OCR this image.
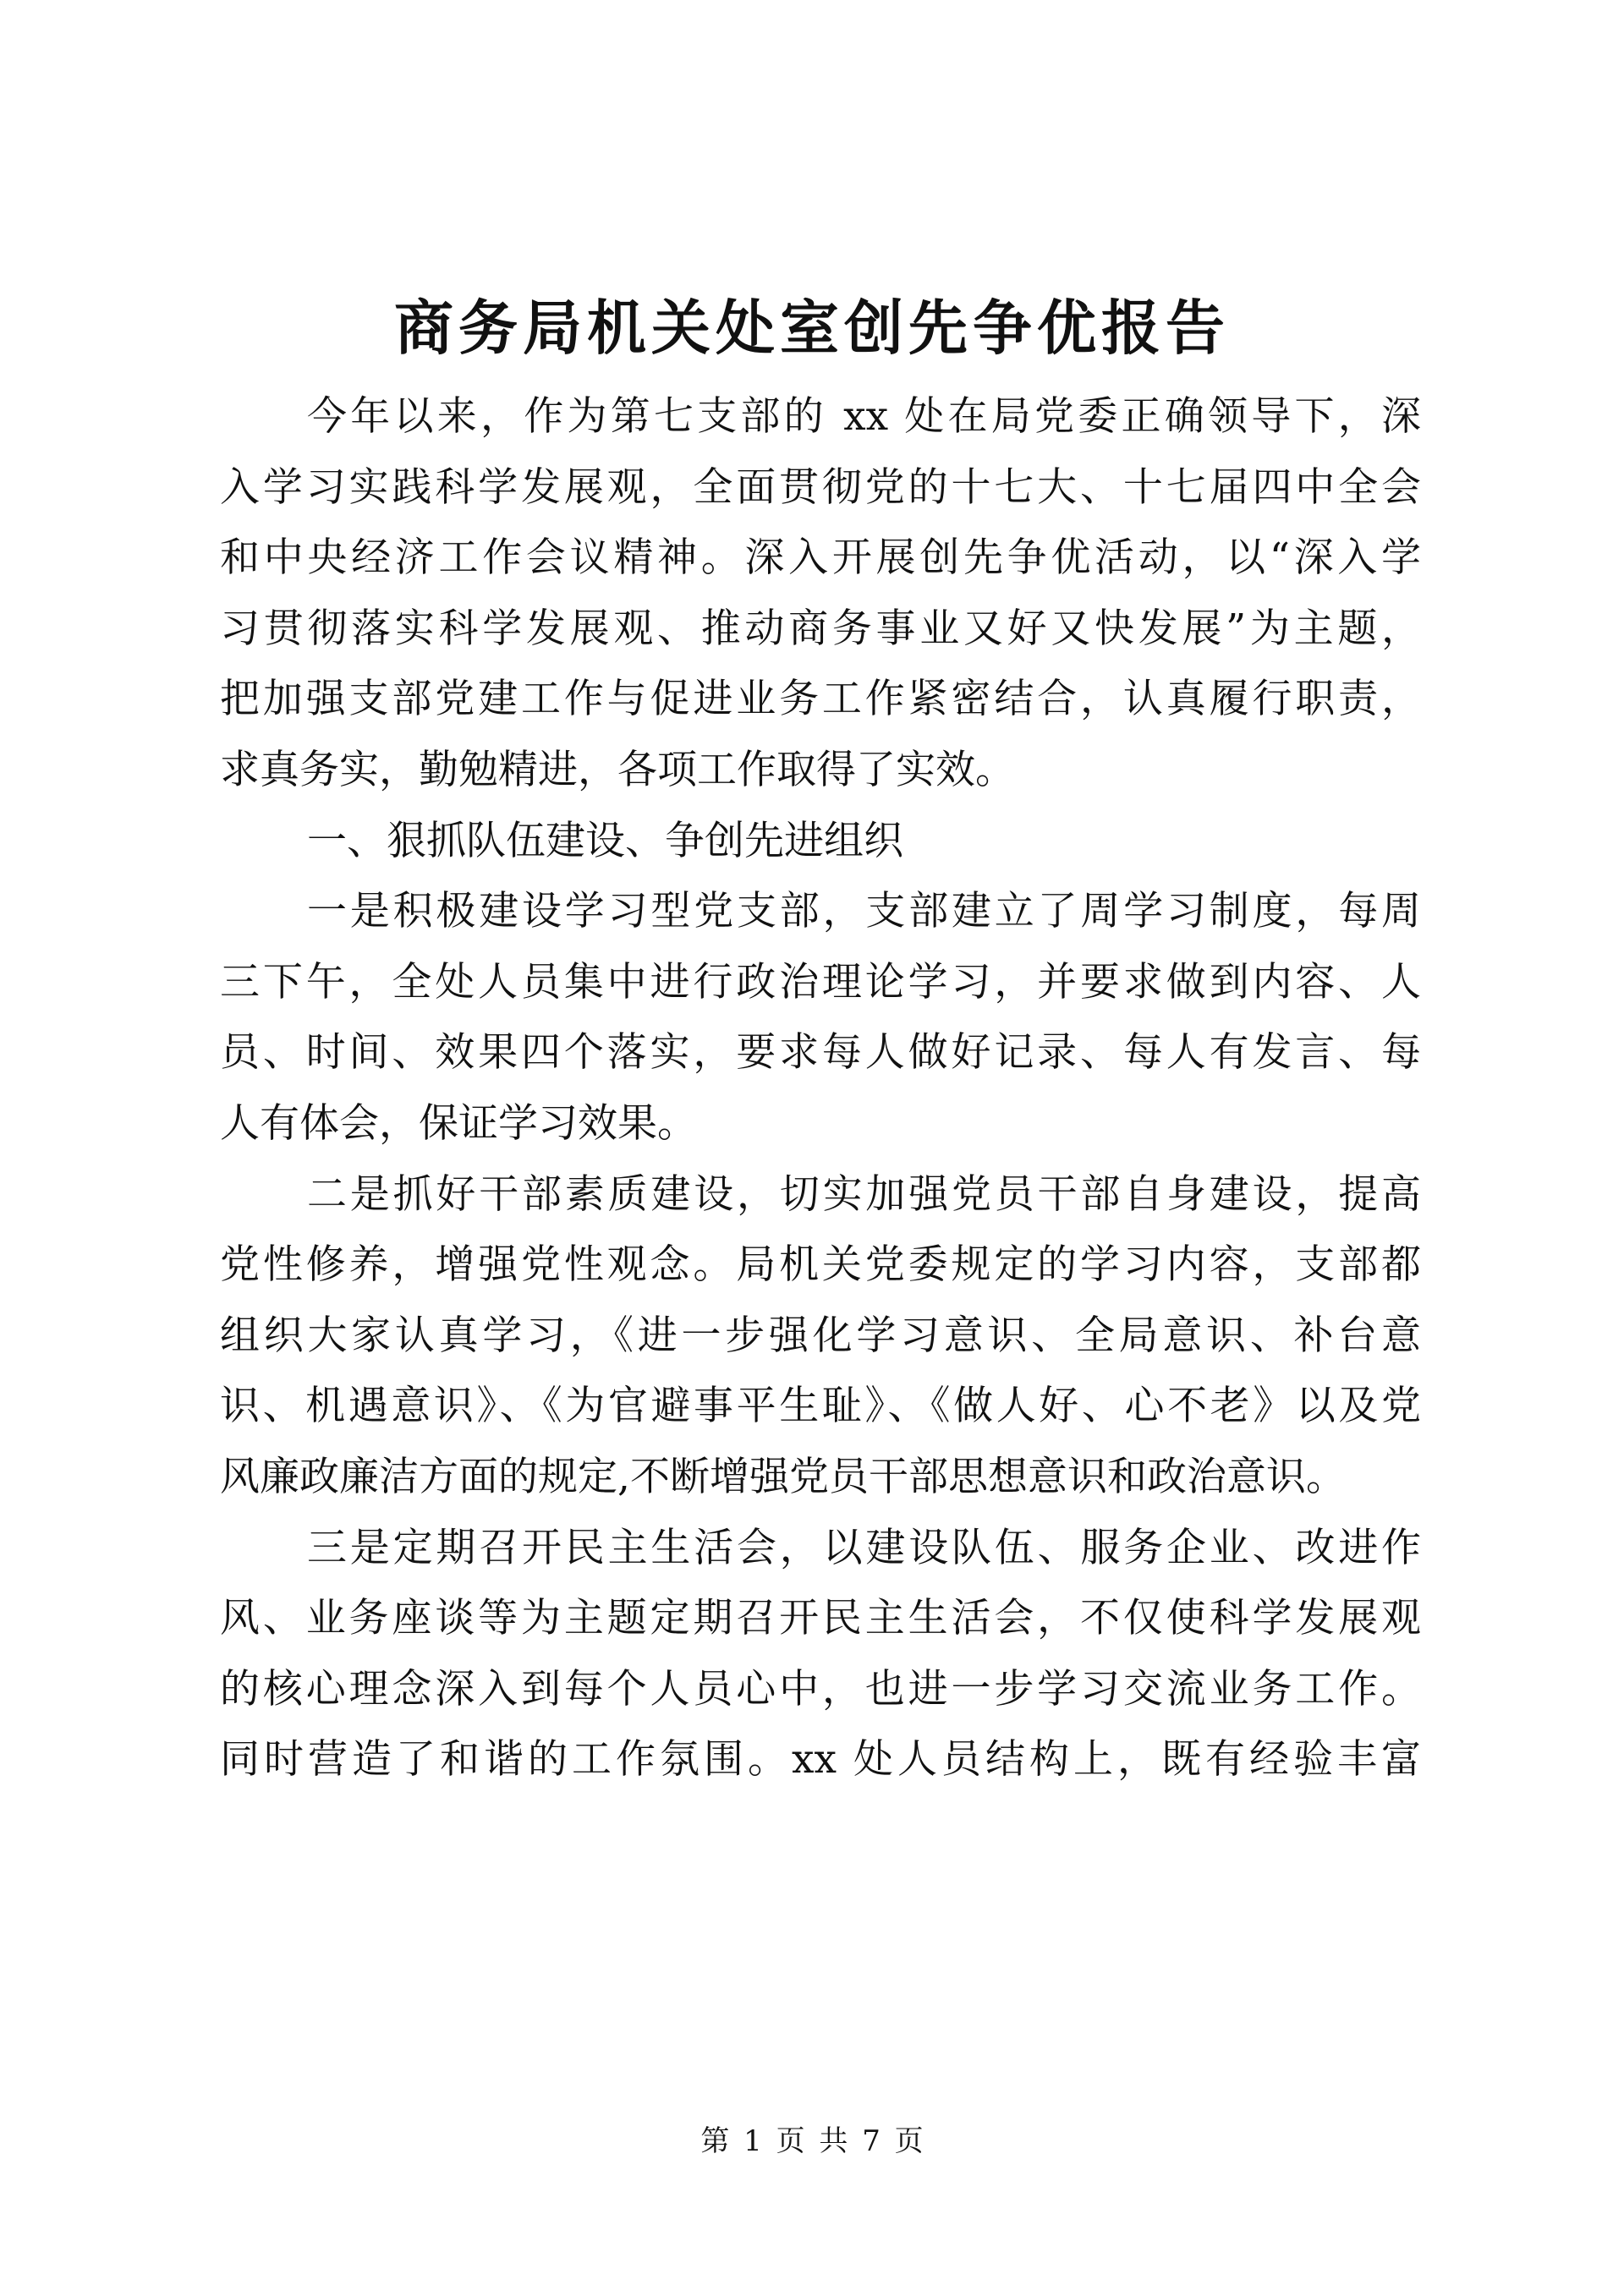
商务局机关处室创先争优报告
今年以来，作为第七支部的 xx 处在局党委正确领导下，深
入学习实践科学发展观，全面贯彻党的十七大、十七届四中全会
和中央经济工作会议精神。深入开展创先争优活动，以“深入学
习贯彻落实科学发展观、推动商务事业又好又快发展”为主题，
把加强支部党建工作与促进业务工作紧密结合，认真履行职责，
求真务实，勤勉精进，各项工作取得了实效。
一、狠抓队伍建设、争创先进组织
一是积极建设学习型党支部，支部建立了周学习制度，每周
三下午，全处人员集中进行政治理论学习，并要求做到内容、人
员、时间、效果四个落实，要求每人做好记录、每人有发言、每
人有体会，保证学习效果。
二是抓好干部素质建设，切实加强党员干部自身建设，提高
党性修养，增强党性观念。局机关党委规定的学习内容，支部都
组织大家认真学习，《进一步强化学习意识、全局意识、补台意
识、机遇意识》、《为官避事平生耻》、《做人好、心不老》以及党
风廉政廉洁方面的规定,不断增强党员干部思想意识和政治意识。
三是定期召开民主生活会，以建设队伍、服务企业、改进作
风、业务座谈等为主题定期召开民主生活会，不仅使科学发展观
的核心理念深入到每个人员心中，也进一步学习交流业务工作。
同时营造了和谐的工作氛围。xx 处人员结构上，既有经验丰富
第 1 页 共 7 页
